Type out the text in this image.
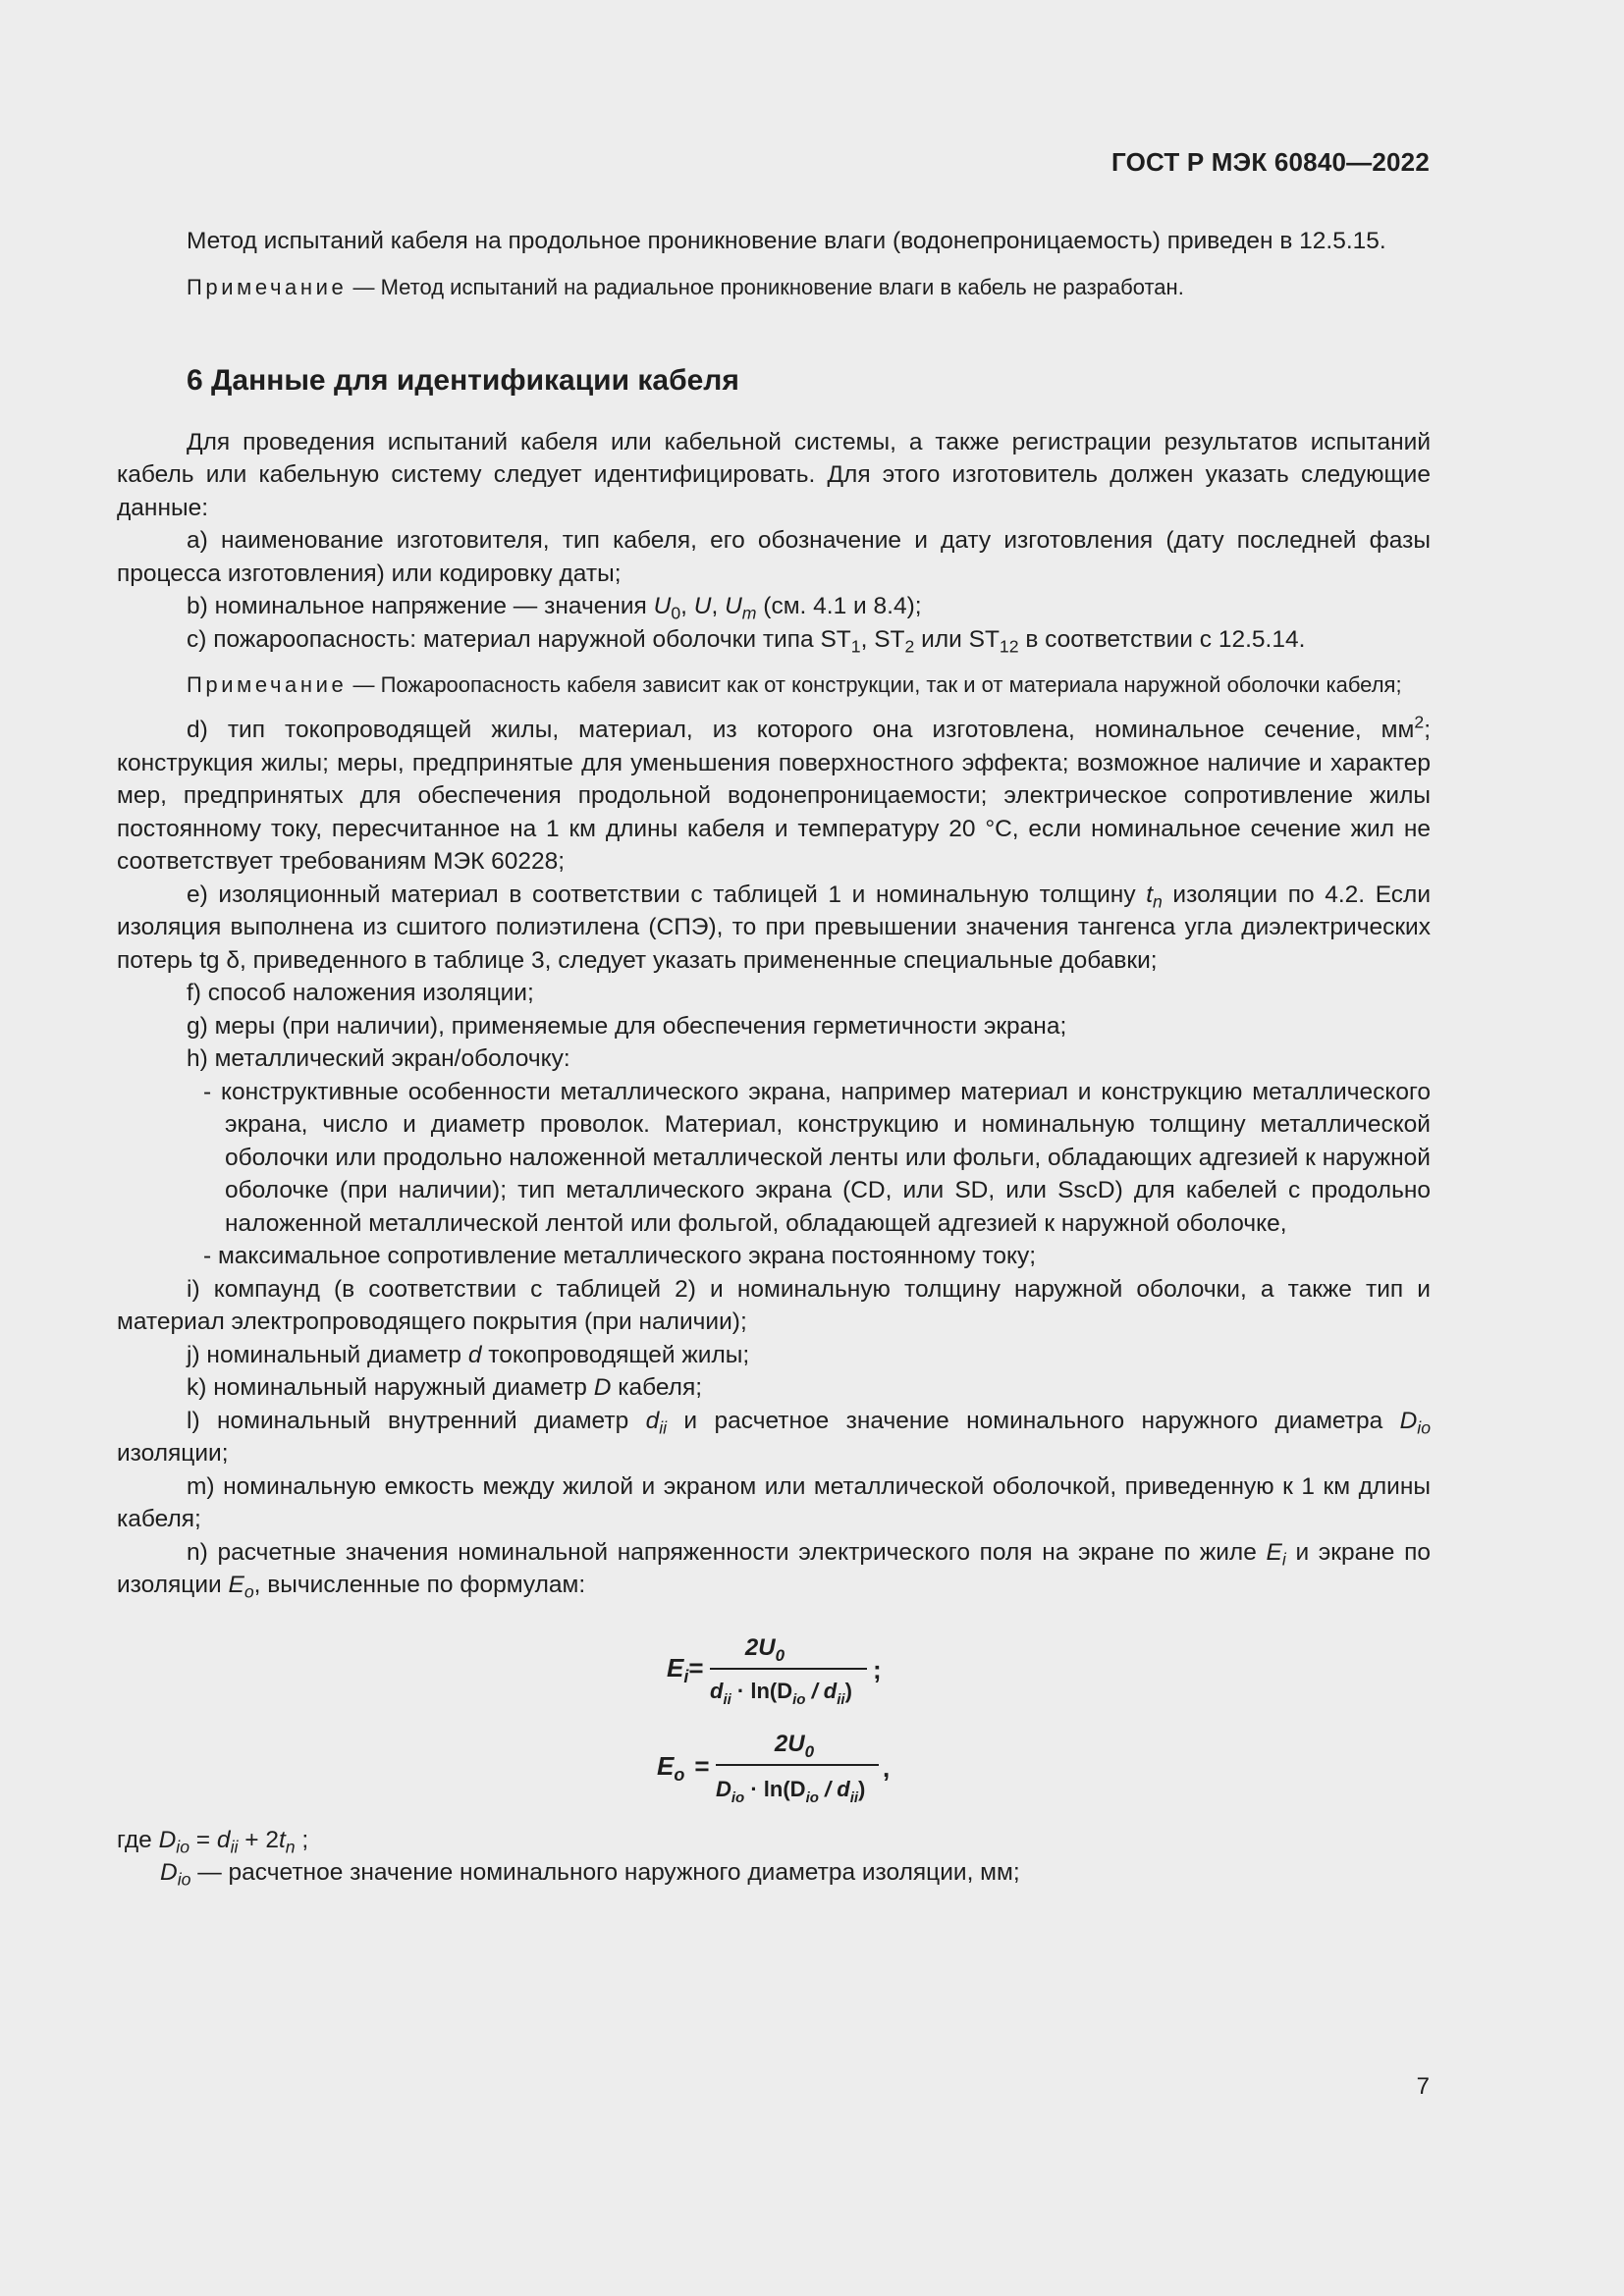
ГОСТ Р МЭК 60840—2022

Метод испытаний кабеля на продольное проникновение влаги (водонепроницаемость) приведен в 12.5.15.

Примечание — Метод испытаний на радиальное проникновение влаги в кабель не разработан.

6 Данные для идентификации кабеля

Для проведения испытаний кабеля или кабельной системы, а также регистрации результатов испытаний кабель или кабельную систему следует идентифицировать. Для этого изготовитель должен указать следующие данные:

a) наименование изготовителя, тип кабеля, его обозначение и дату изготовления (дату последней фазы процесса изготовления) или кодировку даты;

b) номинальное напряжение — значения $U_0$, U, $U_m$ (см. 4.1 и 8.4);

c) пожароопасность: материал наружной оболочки типа $ST_1$, $ST_2$ или $ST_{12}$ в соответствии с 12.5.14.

Примечание — Пожароопасность кабеля зависит как от конструкции, так и от материала наружной оболочки кабеля;

d) тип токопроводящей жилы, материал, из которого она изготовлена, номинальное сечение, $мм^2$; конструкция жилы; меры, предпринятые для уменьшения поверхностного эффекта; возможное наличие и характер мер, предпринятых для обеспечения продольной водонепроницаемости; электрическое сопротивление жилы постоянному току, пересчитанное на 1 км длины кабеля и температуру 20 °С, если номинальное сечение жил не соответствует требованиям МЭК 60228;

e) изоляционный материал в соответствии с таблицей 1 и номинальную толщину $t_n$ изоляции по 4.2. Если изоляция выполнена из сшитого полиэтилена (СПЭ), то при превышении значения тангенса угла диэлектрических потерь tg δ, приведенного в таблице 3, следует указать примененные специальные добавки;

f) способ наложения изоляции;

g) меры (при наличии), применяемые для обеспечения герметичности экрана;

h) металлический экран/оболочку:

- конструктивные особенности металлического экрана, например материал и конструкцию металлического экрана, число и диаметр проволок. Материал, конструкцию и номинальную толщину металлической оболочки или продольно наложенной металлической ленты или фольги, обладающих адгезией к наружной оболочке (при наличии); тип металлического экрана (CD, или SD, или SscD) для кабелей с продольно наложенной металлической лентой или фольгой, обладающей адгезией к наружной оболочке,

- максимальное сопротивление металлического экрана постоянному току;

i) компаунд (в соответствии с таблицей 2) и номинальную толщину наружной оболочки, а также тип и материал электропроводящего покрытия (при наличии);

j) номинальный диаметр d токопроводящей жилы;

k) номинальный наружный диаметр D кабеля;

l) номинальный внутренний диаметр $d_{ii}$ и расчетное значение номинального наружного диаметра $D_{io}$ изоляции;

m) номинальную емкость между жилой и экраном или металлической оболочкой, приведенную к 1 км длины кабеля;

n) расчетные значения номинальной напряженности электрического поля на экране по жиле $E_i$ и экране по изоляции $E_o$, вычисленные по формулам:

$E_i=$
$2U_0$
$d_{ii} \cdot \ln(D_{io} / d_{ii})$
;
$E_o$ =
$2U_0$
$D_{io} \cdot \ln(D_{io} / d_{ii})$
,

где $D_{io} = d_{ii} + 2t_n$ ;

$D_{io}$ — расчетное значение номинального наружного диаметра изоляции, мм;

7
